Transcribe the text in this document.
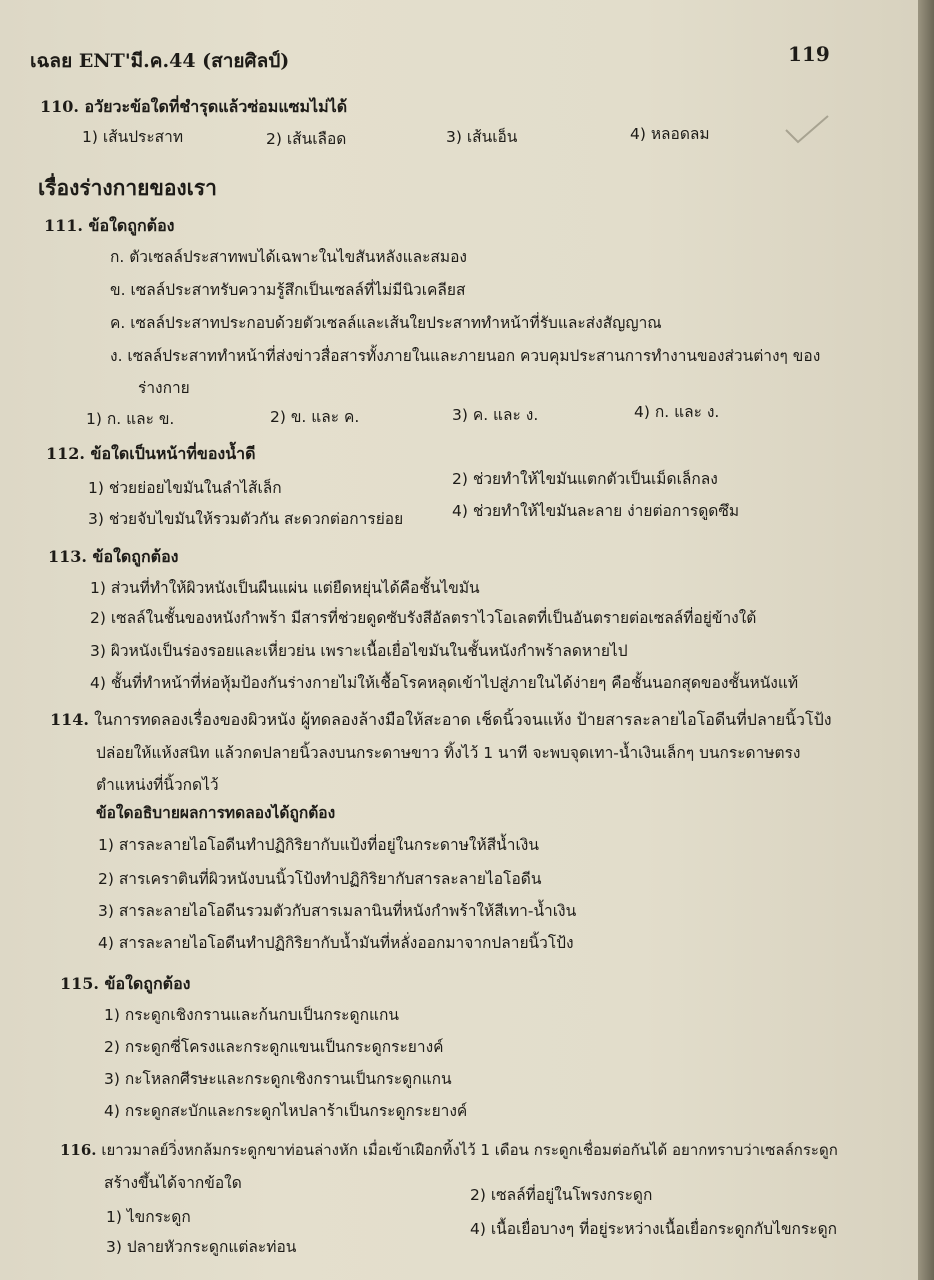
เฉลย ENT'มี.ค.44 (สายศิลป์)	119
110. อวัยวะข้อใดที่ชำรุดแล้วซ่อมแซมไม่ได้
1) เส้นประสาท	2) เส้นเลือด	3) เส้นเอ็น	4) หลอดลม
เรื่องร่างกายของเรา
111. ข้อใดถูกต้อง
ก. ตัวเซลล์ประสาทพบได้เฉพาะในไขสันหลังและสมอง
ข. เซลล์ประสาทรับความรู้สึกเป็นเซลล์ที่ไม่มีนิวเคลียส
ค. เซลล์ประสาทประกอบด้วยตัวเซลล์และเส้นใยประสาททำหน้าที่รับและส่งสัญญาณ
ง. เซลล์ประสาททำหน้าที่ส่งข่าวสื่อสารทั้งภายในและภายนอก ควบคุมประสานการทำงานของส่วนต่างๆ ของ
ร่างกาย
1) ก. และ ข.	2) ข. และ ค.	3) ค. และ ง.	4) ก. และ ง.
112. ข้อใดเป็นหน้าที่ของน้ำดี
1) ช่วยย่อยไขมันในลำไส้เล็ก	2) ช่วยทำให้ไขมันแตกตัวเป็นเม็ดเล็กลง
3) ช่วยจับไขมันให้รวมตัวกัน สะดวกต่อการย่อย	4) ช่วยทำให้ไขมันละลาย ง่ายต่อการดูดซึม
113. ข้อใดถูกต้อง
1) ส่วนที่ทำให้ผิวหนังเป็นผืนแผ่น แต่ยืดหยุ่นได้คือชั้นไขมัน
2) เซลล์ในชั้นของหนังกำพร้า มีสารที่ช่วยดูดซับรังสีอัลตราไวโอเลตที่เป็นอันตรายต่อเซลล์ที่อยู่ข้างใต้
3) ผิวหนังเป็นร่องรอยและเหี่ยวย่น เพราะเนื้อเยื่อไขมันในชั้นหนังกำพร้าลดหายไป
4) ชั้นที่ทำหน้าที่ห่อหุ้มป้องกันร่างกายไม่ให้เชื้อโรคหลุดเข้าไปสู่ภายในได้ง่ายๆ คือชั้นนอกสุดของชั้นหนังแท้
114. ในการทดลองเรื่องของผิวหนัง ผู้ทดลองล้างมือให้สะอาด เช็ดนิ้วจนแห้ง ป้ายสารละลายไอโอดีนที่ปลายนิ้วโป้ง
ปล่อยให้แห้งสนิท แล้วกดปลายนิ้วลงบนกระดาษขาว ทิ้งไว้ 1 นาที จะพบจุดเทา-น้ำเงินเล็กๆ บนกระดาษตรง
ตำแหน่งที่นิ้วกดไว้
ข้อใดอธิบายผลการทดลองได้ถูกต้อง
1) สารละลายไอโอดีนทำปฏิกิริยากับแป้งที่อยู่ในกระดาษให้สีน้ำเงิน
2) สารเคราตินที่ผิวหนังบนนิ้วโป้งทำปฏิกิริยากับสารละลายไอโอดีน
3) สารละลายไอโอดีนรวมตัวกับสารเมลานินที่หนังกำพร้าให้สีเทา-น้ำเงิน
4) สารละลายไอโอดีนทำปฏิกิริยากับน้ำมันที่หลั่งออกมาจากปลายนิ้วโป้ง
115. ข้อใดถูกต้อง
1) กระดูกเชิงกรานและก้นกบเป็นกระดูกแกน
2) กระดูกซี่โครงและกระดูกแขนเป็นกระดูกระยางค์
3) กะโหลกศีรษะและกระดูกเชิงกรานเป็นกระดูกแกน
4) กระดูกสะบักและกระดูกไหปลาร้าเป็นกระดูกระยางค์
116. เยาวมาลย์วิ่งหกล้มกระดูกขาท่อนล่างหัก เมื่อเข้าเฝือกทิ้งไว้ 1 เดือน กระดูกเชื่อมต่อกันได้ อยากทราบว่าเซลล์กระดูก
สร้างขึ้นได้จากข้อใด
1) ไขกระดูก
2) เซลล์ที่อยู่ในโพรงกระดูก
3) ปลายหัวกระดูกแต่ละท่อน
4) เนื้อเยื่อบางๆ ที่อยู่ระหว่างเนื้อเยื่อกระดูกกับไขกระดูก
